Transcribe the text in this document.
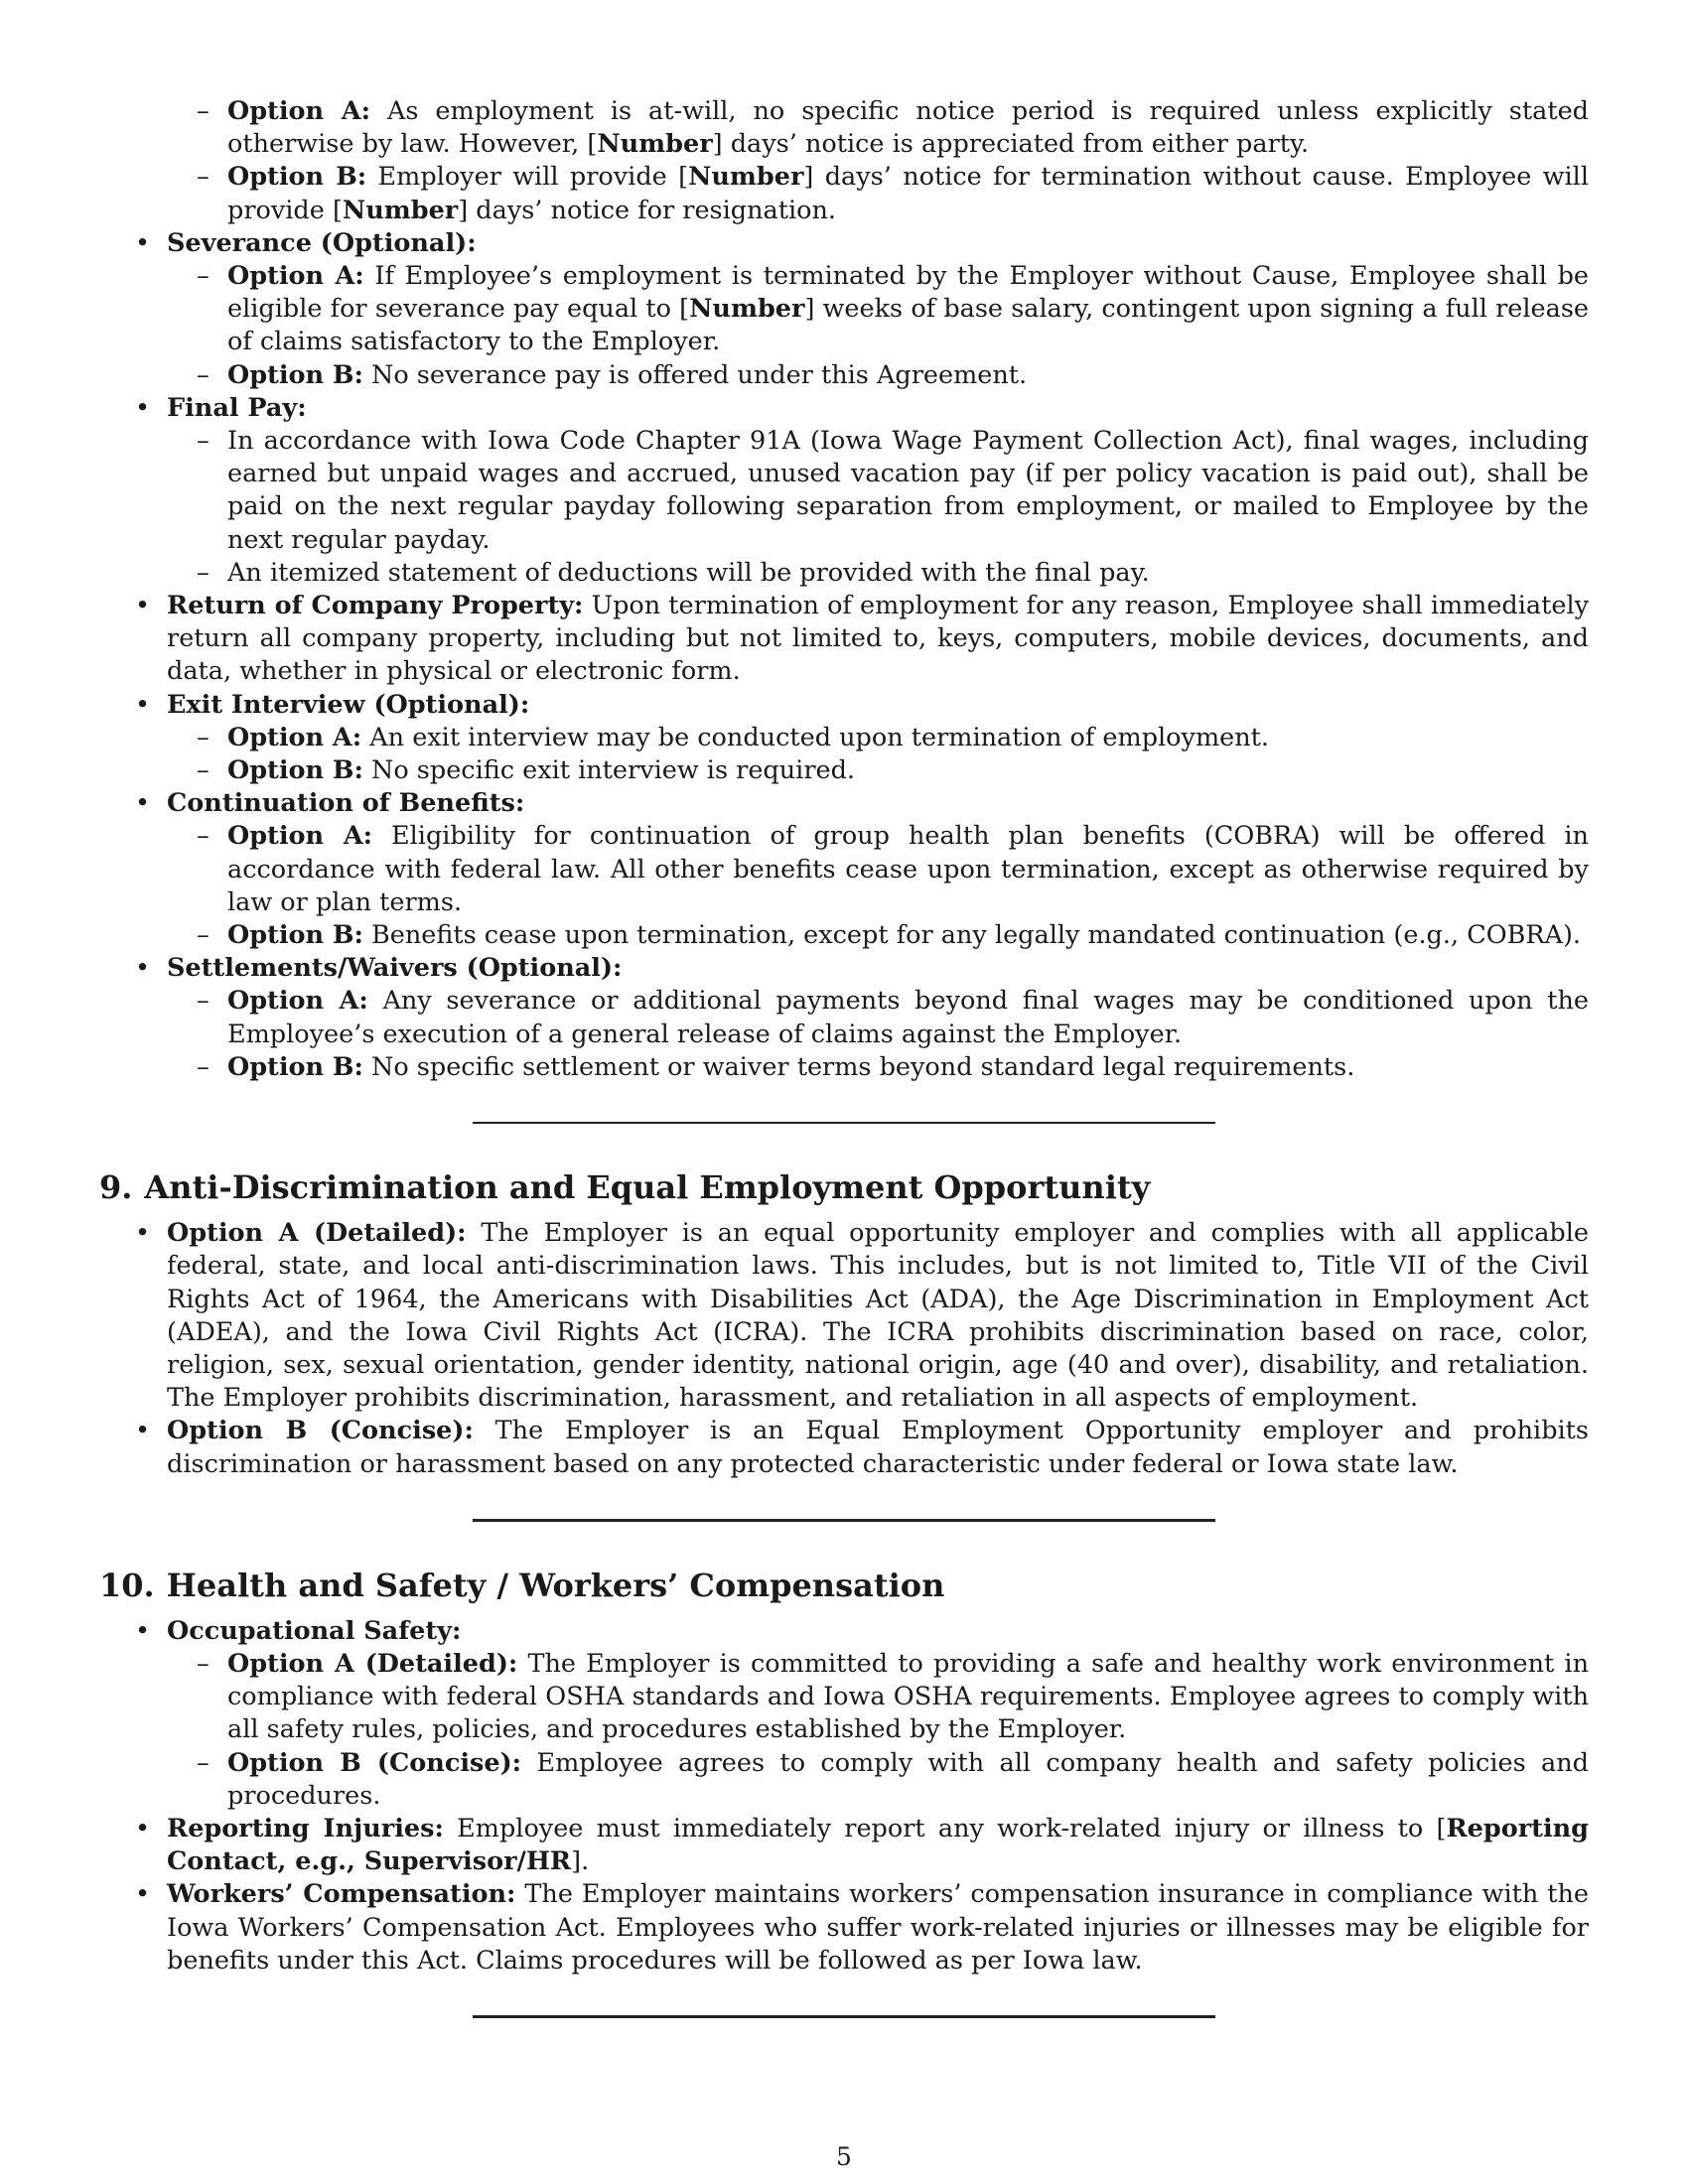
– Option A: As employment is at-will, no specific notice period is required unless explicitly stated otherwise by law. However, [Number] days’ notice is appreciated from either party.
– Option B: Employer will provide [Number] days’ notice for termination without cause. Employee will provide [Number] days’ notice for resignation.
• Severance (Optional):
– Option A: If Employee’s employment is terminated by the Employer without Cause, Employee shall be eligible for severance pay equal to [Number] weeks of base salary, contingent upon signing a full release of claims satisfactory to the Employer.
– Option B: No severance pay is offered under this Agreement.
• Final Pay:
– In accordance with Iowa Code Chapter 91A (Iowa Wage Payment Collection Act), final wages, including earned but unpaid wages and accrued, unused vacation pay (if per policy vacation is paid out), shall be paid on the next regular payday following separation from employment, or mailed to Employee by the next regular payday.
– An itemized statement of deductions will be provided with the final pay.
• Return of Company Property: Upon termination of employment for any reason, Employee shall immediately return all company property, including but not limited to, keys, computers, mobile devices, documents, and data, whether in physical or electronic form.
• Exit Interview (Optional):
– Option A: An exit interview may be conducted upon termination of employment.
– Option B: No specific exit interview is required.
• Continuation of Benefits:
– Option A: Eligibility for continuation of group health plan benefits (COBRA) will be offered in accordance with federal law. All other benefits cease upon termination, except as otherwise required by law or plan terms.
– Option B: Benefits cease upon termination, except for any legally mandated continuation (e.g., COBRA).
• Settlements/Waivers (Optional):
– Option A: Any severance or additional payments beyond final wages may be conditioned upon the Employee’s execution of a general release of claims against the Employer.
– Option B: No specific settlement or waiver terms beyond standard legal requirements.
9. Anti-Discrimination and Equal Employment Opportunity
• Option A (Detailed): The Employer is an equal opportunity employer and complies with all applicable federal, state, and local anti-discrimination laws. This includes, but is not limited to, Title VII of the Civil Rights Act of 1964, the Americans with Disabilities Act (ADA), the Age Discrimination in Employment Act (ADEA), and the Iowa Civil Rights Act (ICRA). The ICRA prohibits discrimination based on race, color, religion, sex, sexual orientation, gender identity, national origin, age (40 and over), disability, and retaliation. The Employer prohibits discrimination, harassment, and retaliation in all aspects of employment.
• Option B (Concise): The Employer is an Equal Employment Opportunity employer and prohibits discrimination or harassment based on any protected characteristic under federal or Iowa state law.
10. Health and Safety / Workers’ Compensation
• Occupational Safety:
– Option A (Detailed): The Employer is committed to providing a safe and healthy work environment in compliance with federal OSHA standards and Iowa OSHA requirements. Employee agrees to comply with all safety rules, policies, and procedures established by the Employer.
– Option B (Concise): Employee agrees to comply with all company health and safety policies and procedures.
• Reporting Injuries: Employee must immediately report any work-related injury or illness to [Reporting Contact, e.g., Supervisor/HR].
• Workers’ Compensation: The Employer maintains workers’ compensation insurance in compliance with the Iowa Workers’ Compensation Act. Employees who suffer work-related injuries or illnesses may be eligible for benefits under this Act. Claims procedures will be followed as per Iowa law.
5
